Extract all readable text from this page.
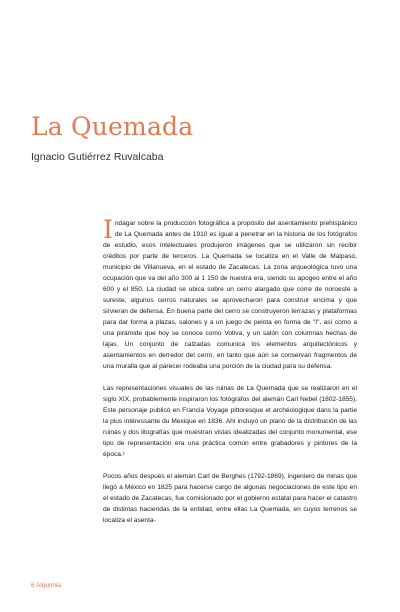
La Quemada
Ignacio Gutiérrez Ruvalcaba

Indagar sobre la producción fotográfica a propósito del asentamiento prehispánico de La Quemada antes de 1910 es igual a penetrar en la historia de los fotógrafos de estudio, esos intelectuales produjeron imágenes que se utilizaron sin recibir créditos por parte de terceros. La Quemada se localiza en el Valle de Malpaso, municipio de Villanueva, en el estado de Zacatecas. La zona arqueológica tuvo una ocupación que va del año 300 al 1 150 de nuestra era, siendo su apogeo entre el año 600 y el 850. La ciudad se ubica sobre un cerro alargado que corre de noroeste a sureste, algunos cerros naturales se aprovecharon para construir encima y que sirvieran de defensa. En buena parte del cerro se construyeron terrazas y plataformas para dar forma a plazas, salones y a un juego de pelota en forma de "I", así como a una pirámide que hoy se conoce como Votiva, y un salón con columnas hechas de lajas. Un conjunto de calzadas comunica los elementos arquitectónicos y asentamientos en derredor del cerro, en tanto que aún se conservan fragmentos de una muralla que al parecer rodeaba una porción de la ciudad para su defensa.

Las representaciones visuales de las ruinas de La Quemada que se realizaron en el siglo XIX, probablemente inspiraron los fotógrafos del alemán Carl Nebel (1802-1855). Este personaje publicó en Francia Voyage pittoresque et archéologique dans la partie la plus intéressante du Mexique en 1836. Ahí incluyó un plano de la distribución de las ruinas y dos litografías que muestran vistas idealizadas del conjunto monumental, ese tipo de representación era una práctica común entre grabadores y pintores de la época.¹

Pocos años después el alemán Carl de Berghes (1792-1869), ingeniero de minas que llegó a México en 1825 para hacerse cargo de algunas negociaciones de este tipo en el estado de Zacatecas, fue comisionado por el gobierno estatal para hacer el catastro de distintas haciendas de la entidad, entre ellas La Quemada, en cuyos terrenos se localiza el asenta-

6 Alquimia
